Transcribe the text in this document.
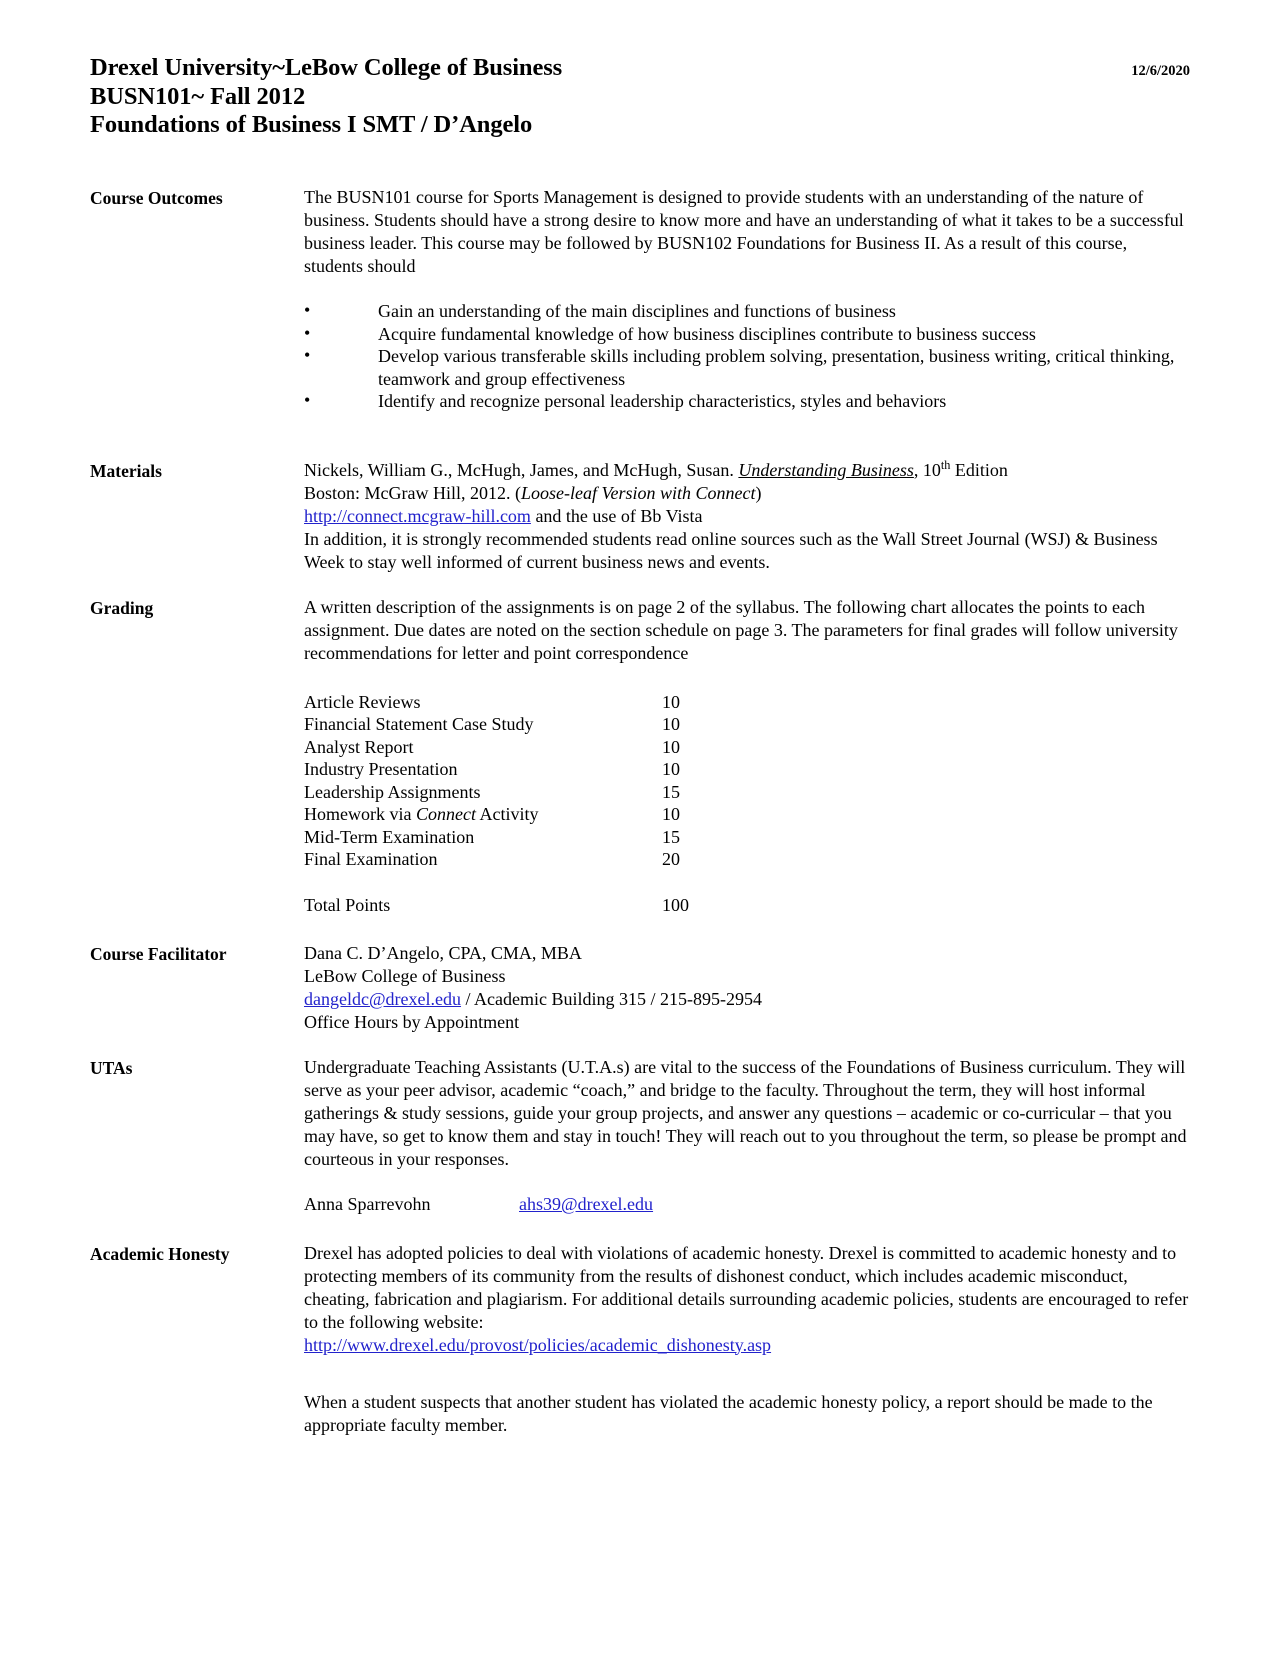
Drexel University~LeBow College of Business
BUSN101~ Fall 2012
Foundations of Business I SMT / D’Angelo
12/6/2020
Course Outcomes	The BUSN101 course for Sports Management is designed to provide students with an understanding of the nature of business. Students should have a strong desire to know more and have an understanding of what it takes to be a successful business leader. This course may be followed by BUSN102 Foundations for Business II. As a result of this course, students should

•	Gain an understanding of the main disciplines and functions of business
•	Acquire fundamental knowledge of how business disciplines contribute to business success
•	Develop various transferable skills including problem solving, presentation, business writing, critical thinking, teamwork and group effectiveness
•	Identify and recognize personal leadership characteristics, styles and behaviors
Materials	Nickels, William G., McHugh, James, and McHugh, Susan. Understanding Business, 10th Edition
Boston: McGraw Hill, 2012. (Loose-leaf Version with Connect)
http://connect.mcgraw-hill.com and the use of Bb Vista

In addition, it is strongly recommended students read online sources such as the Wall Street Journal (WSJ) & Business Week to stay well informed of current business news and events.

Grading	A written description of the assignments is on page 2 of the syllabus. The following chart allocates the points to each assignment. Due dates are noted on the section schedule on page 3. The parameters for final grades will follow university recommendations for letter and point correspondence

Article Reviews	10
Financial Statement Case Study	10
Analyst Report	10
Industry Presentation	10
Leadership Assignments	15
Homework via Connect Activity	10
Mid-Term Examination	15
Final Examination	20

Total Points	100
Course Facilitator	Dana C. D’Angelo, CPA, CMA, MBA
LeBow College of Business
dangeldc@drexel.edu / Academic Building 315 / 215-895-2954
Office Hours by Appointment
UTAs	Undergraduate Teaching Assistants (U.T.A.s) are vital to the success of the Foundations of Business curriculum. They will serve as your peer advisor, academic “coach,” and bridge to the faculty. Throughout the term, they will host informal gatherings & study sessions, guide your group projects, and answer any questions – academic or co-curricular – that you may have, so get to know them and stay in touch! They will reach out to you throughout the term, so please be prompt and courteous in your responses.

Anna Sparrevohn	ahs39@drexel.edu
Academic Honesty	Drexel has adopted policies to deal with violations of academic honesty. Drexel is committed to academic honesty and to protecting members of its community from the results of dishonest conduct, which includes academic misconduct, cheating, fabrication and plagiarism. For additional details surrounding academic policies, students are encouraged to refer to the following website:

http://www.drexel.edu/provost/policies/academic_dishonesty.asp

When a student suspects that another student has violated the academic honesty policy, a report should be made to the appropriate faculty member.
